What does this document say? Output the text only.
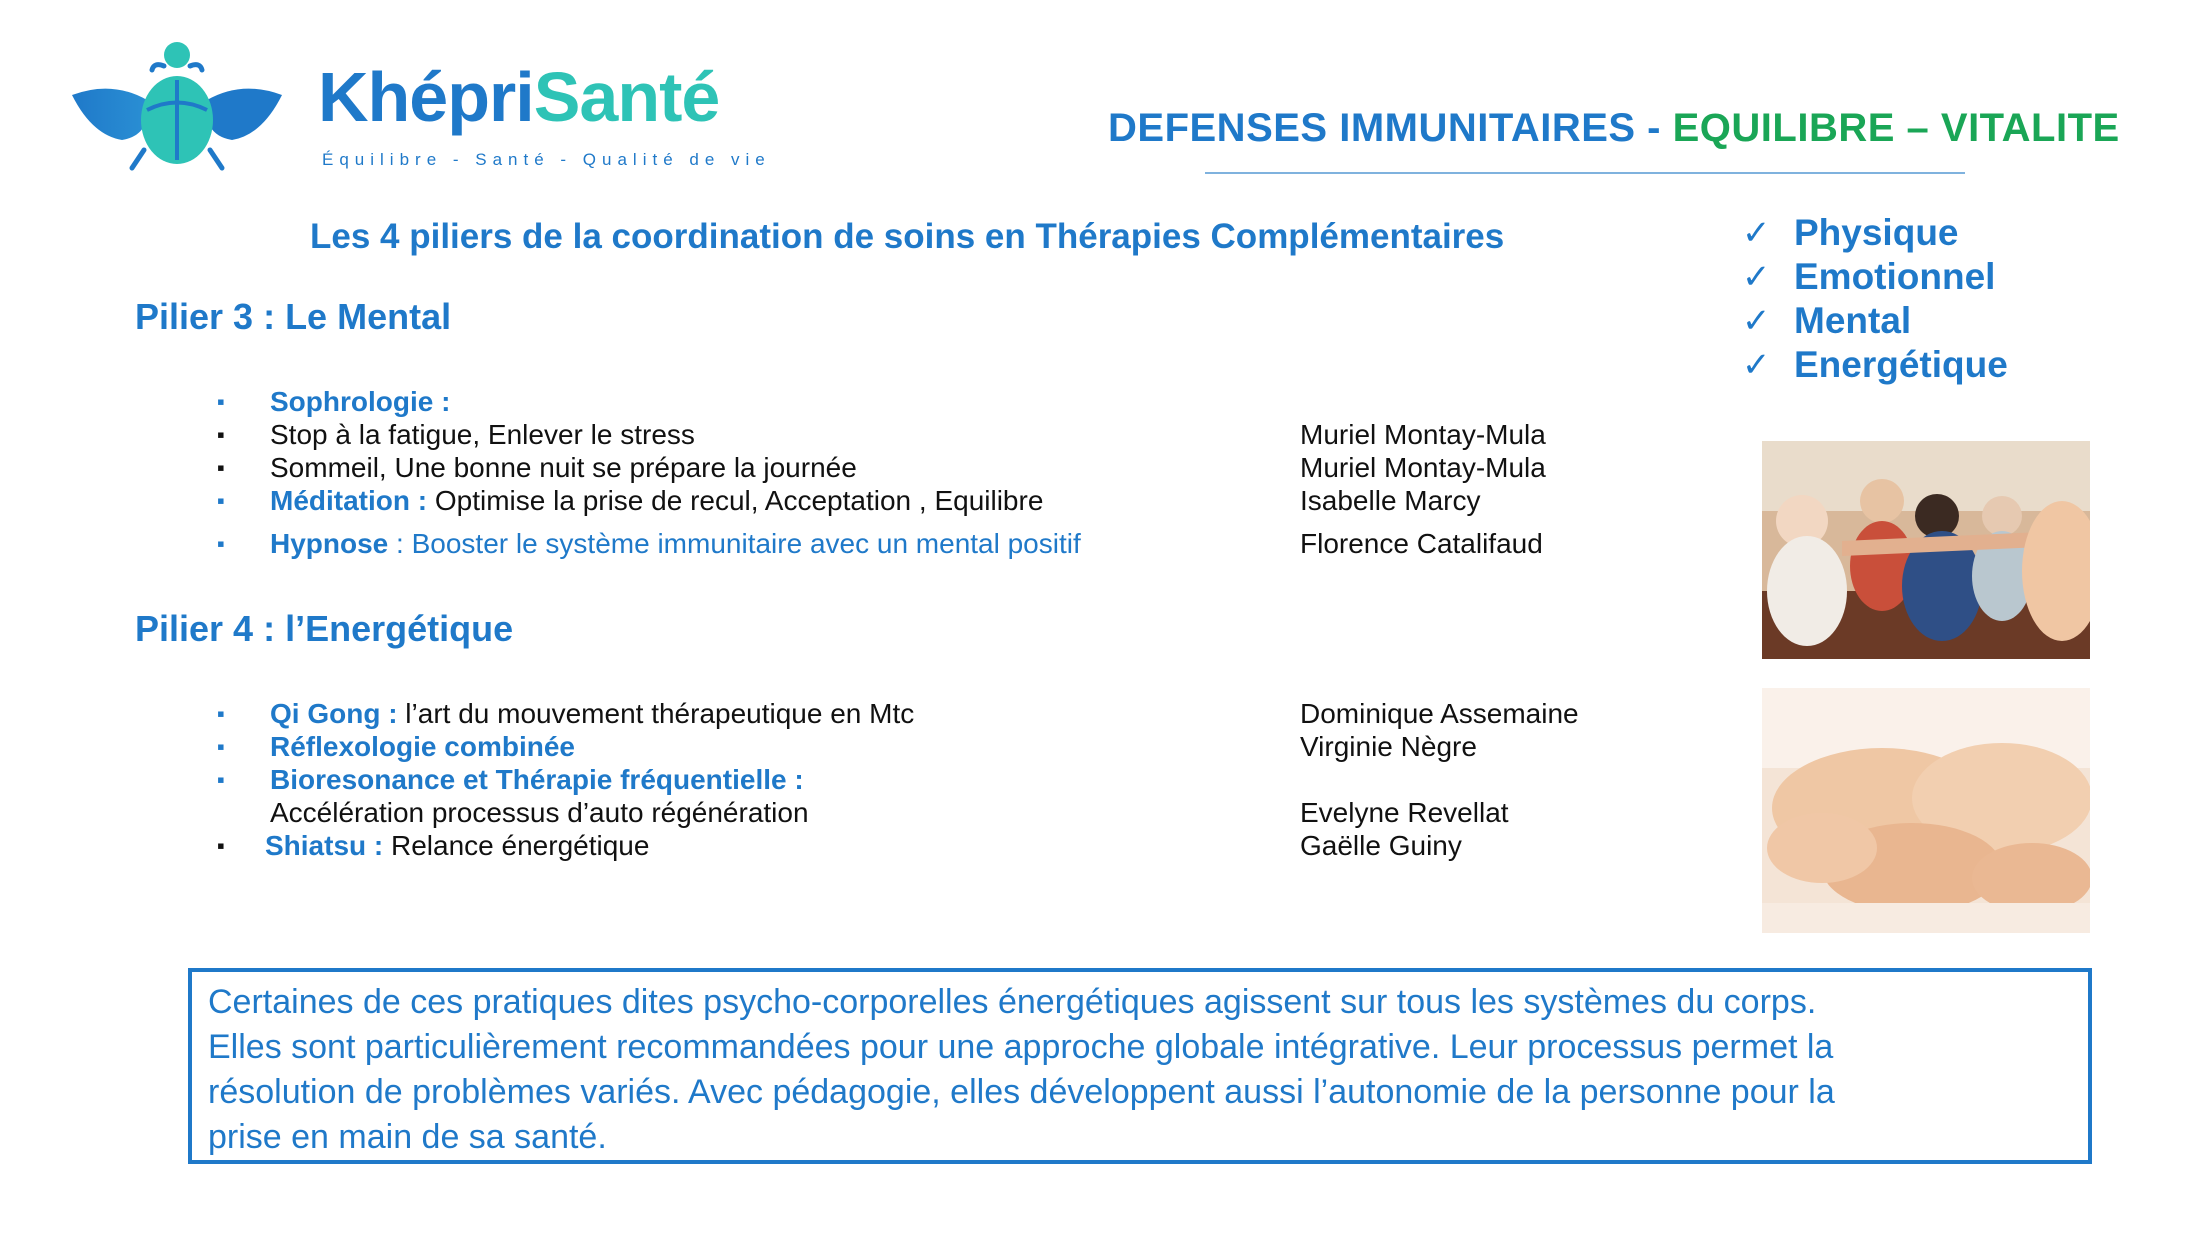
KhépriSanté
Équilibre - Santé - Qualité de vie
DEFENSES IMMUNITAIRES - EQUILIBRE – VITALITE
Les 4 piliers de la coordination de soins en Thérapies Complémentaires	✓ Physique
✓ Emotionnel
✓ Mental
✓ Energétique
Pilier 3 : Le Mental
▪ Sophrologie :
▪ Stop à la fatigue, Enlever le stress	Muriel Montay-Mula
▪ Sommeil, Une bonne nuit se prépare la journée	Muriel Montay-Mula
▪ Méditation : Optimise la prise de recul, Acceptation , Equilibre	Isabelle Marcy
▪ Hypnose : Booster le système immunitaire avec un mental positif	Florence Catalifaud
Pilier 4 : l’Energétique
▪ Qi Gong : l’art du mouvement thérapeutique en Mtc	Dominique Assemaine
▪ Réflexologie combinée	Virginie Nègre
▪ Bioresonance et Thérapie fréquentielle :
Accélération processus d’auto régénération	Evelyne Revellat
▪ Shiatsu : Relance énergétique	Gaëlle Guiny

Certaines de ces pratiques dites psycho-corporelles énergétiques agissent sur tous les systèmes du corps.

Elles sont particulièrement recommandées pour une approche globale intégrative. Leur processus permet la

résolution de problèmes variés. Avec pédagogie, elles développent aussi l’autonomie de la personne pour la

prise en main de sa santé.
